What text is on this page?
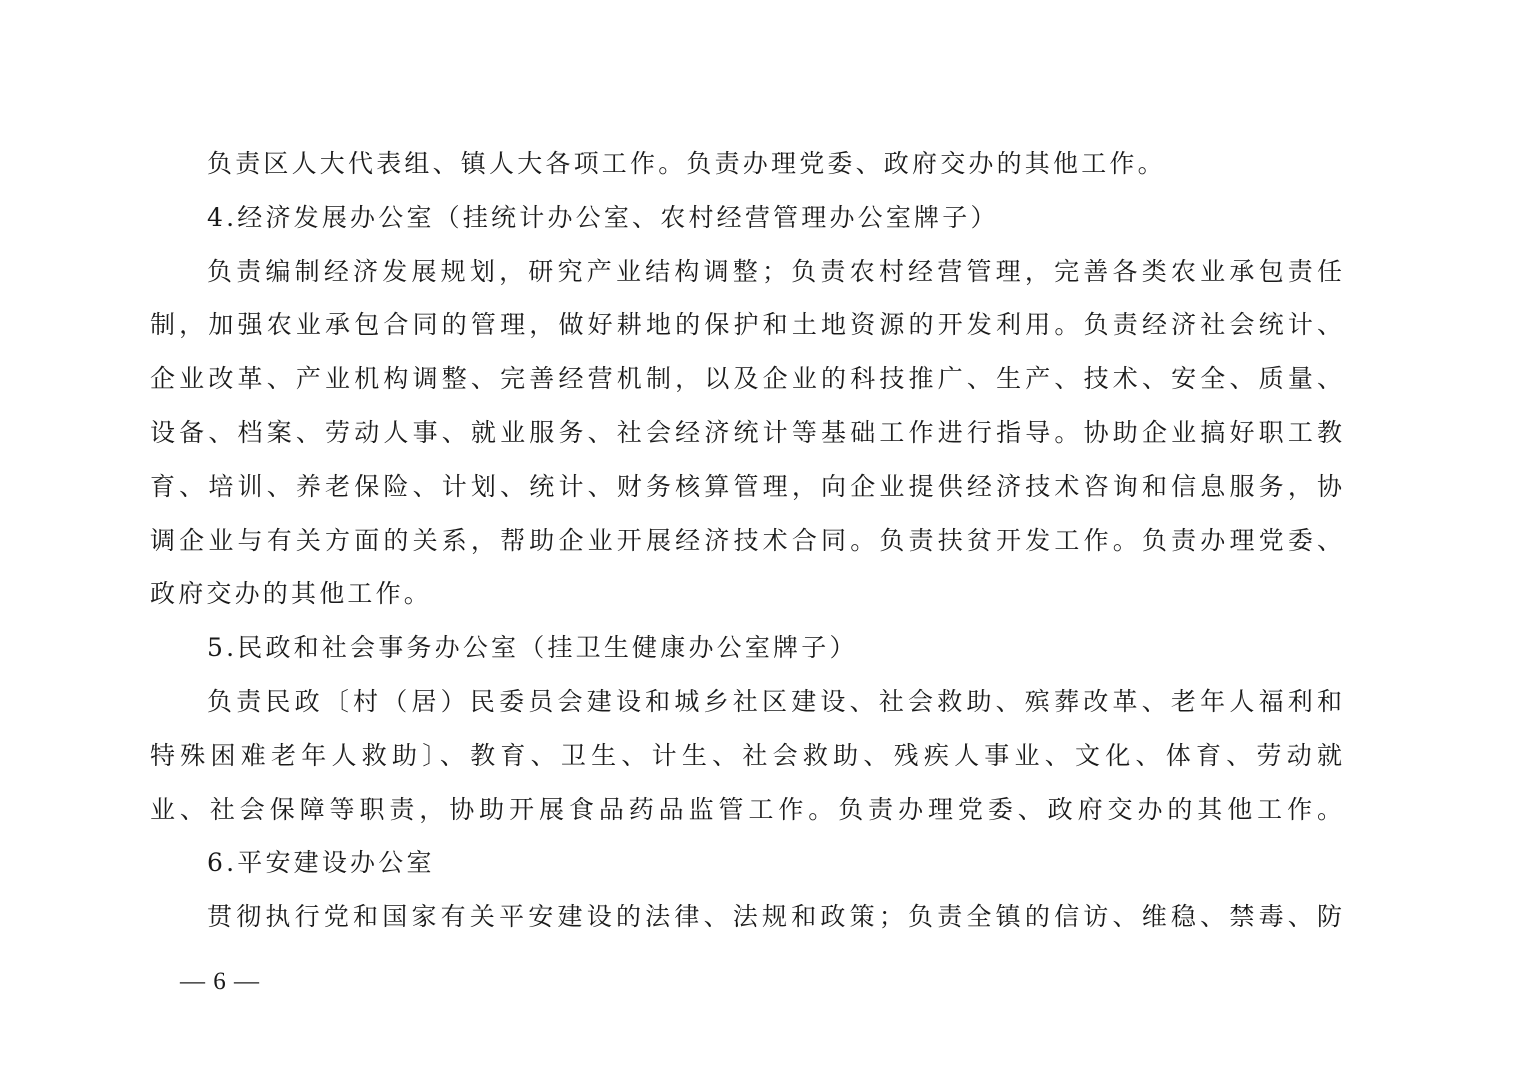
负责区人大代表组、镇人大各项工作。负责办理党委、政府交办的其他工作。
4.经济发展办公室（挂统计办公室、农村经营管理办公室牌子）
负责编制经济发展规划，研究产业结构调整；负责农村经营管理，完善各类农业承包责任
制，加强农业承包合同的管理，做好耕地的保护和土地资源的开发利用。负责经济社会统计、
企业改革、产业机构调整、完善经营机制，以及企业的科技推广、生产、技术、安全、质量、
设备、档案、劳动人事、就业服务、社会经济统计等基础工作进行指导。协助企业搞好职工教
育、培训、养老保险、计划、统计、财务核算管理，向企业提供经济技术咨询和信息服务，协
调企业与有关方面的关系，帮助企业开展经济技术合同。负责扶贫开发工作。负责办理党委、
政府交办的其他工作。
5.民政和社会事务办公室（挂卫生健康办公室牌子）
负责民政〔村（居）民委员会建设和城乡社区建设、社会救助、殡葬改革、老年人福利和
特殊困难老年人救助〕、教育、卫生、计生、社会救助、残疾人事业、文化、体育、劳动就
业、社会保障等职责，协助开展食品药品监管工作。负责办理党委、政府交办的其他工作。
6.平安建设办公室
贯彻执行党和国家有关平安建设的法律、法规和政策；负责全镇的信访、维稳、禁毒、防
— 6 —
